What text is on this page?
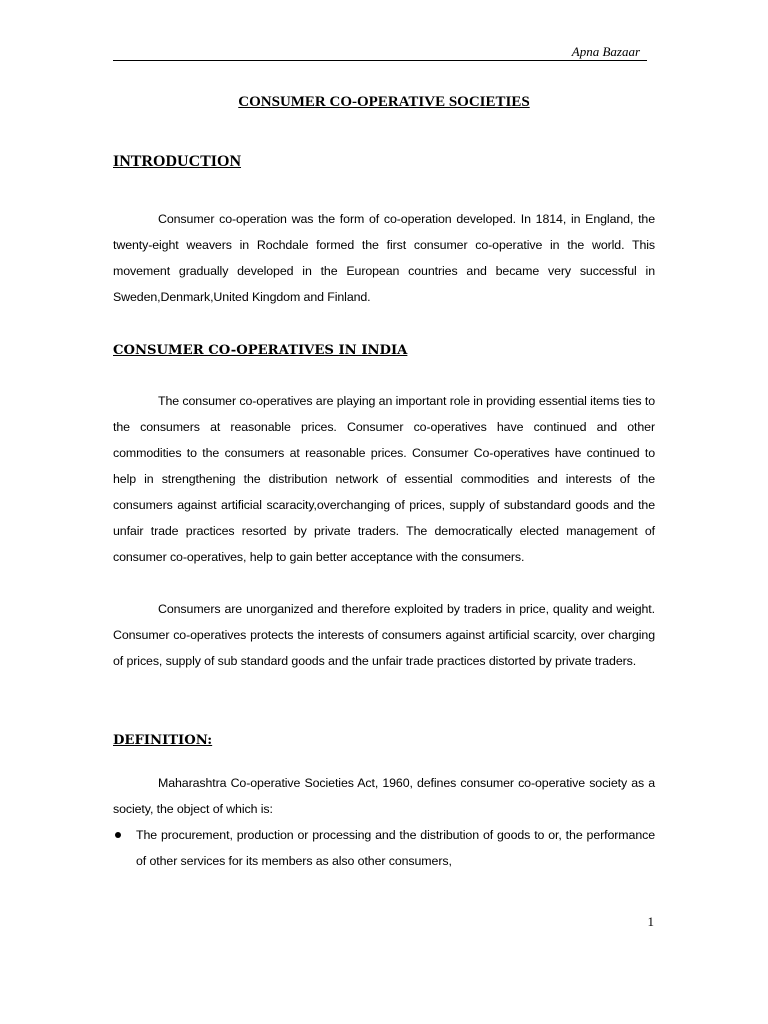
Apna Bazaar
CONSUMER CO-OPERATIVE SOCIETIES
INTRODUCTION

Consumer co-operation was the form of co-operation developed. In 1814, in England, the twenty-eight weavers in Rochdale formed the first consumer co-operative in the world. This movement gradually developed in the European countries and became very successful in Sweden,Denmark,United Kingdom and Finland.

CONSUMER CO-OPERATIVES IN INDIA

The consumer co-operatives are playing an important role in providing essential items ties to the consumers at reasonable prices. Consumer co-operatives have continued and other commodities to the consumers at reasonable prices. Consumer Co-operatives have continued to help in strengthening the distribution network of essential commodities and interests of the consumers against artificial scaracity,overchanging of prices, supply of substandard goods and the unfair trade practices resorted by private traders. The democratically elected management of consumer co-operatives, help to gain better acceptance with the consumers.

Consumers are unorganized and therefore exploited by traders in price, quality and weight. Consumer co-operatives protects the interests of consumers against artificial scarcity, over charging of prices, supply of sub standard goods and the unfair trade practices distorted by private traders.

DEFINITION:

Maharashtra Co-operative Societies Act, 1960, defines consumer co-operative society as a society, the object of which is:

The procurement, production or processing and the distribution of goods to or, the performance of other services for its members as also other consumers,

1
